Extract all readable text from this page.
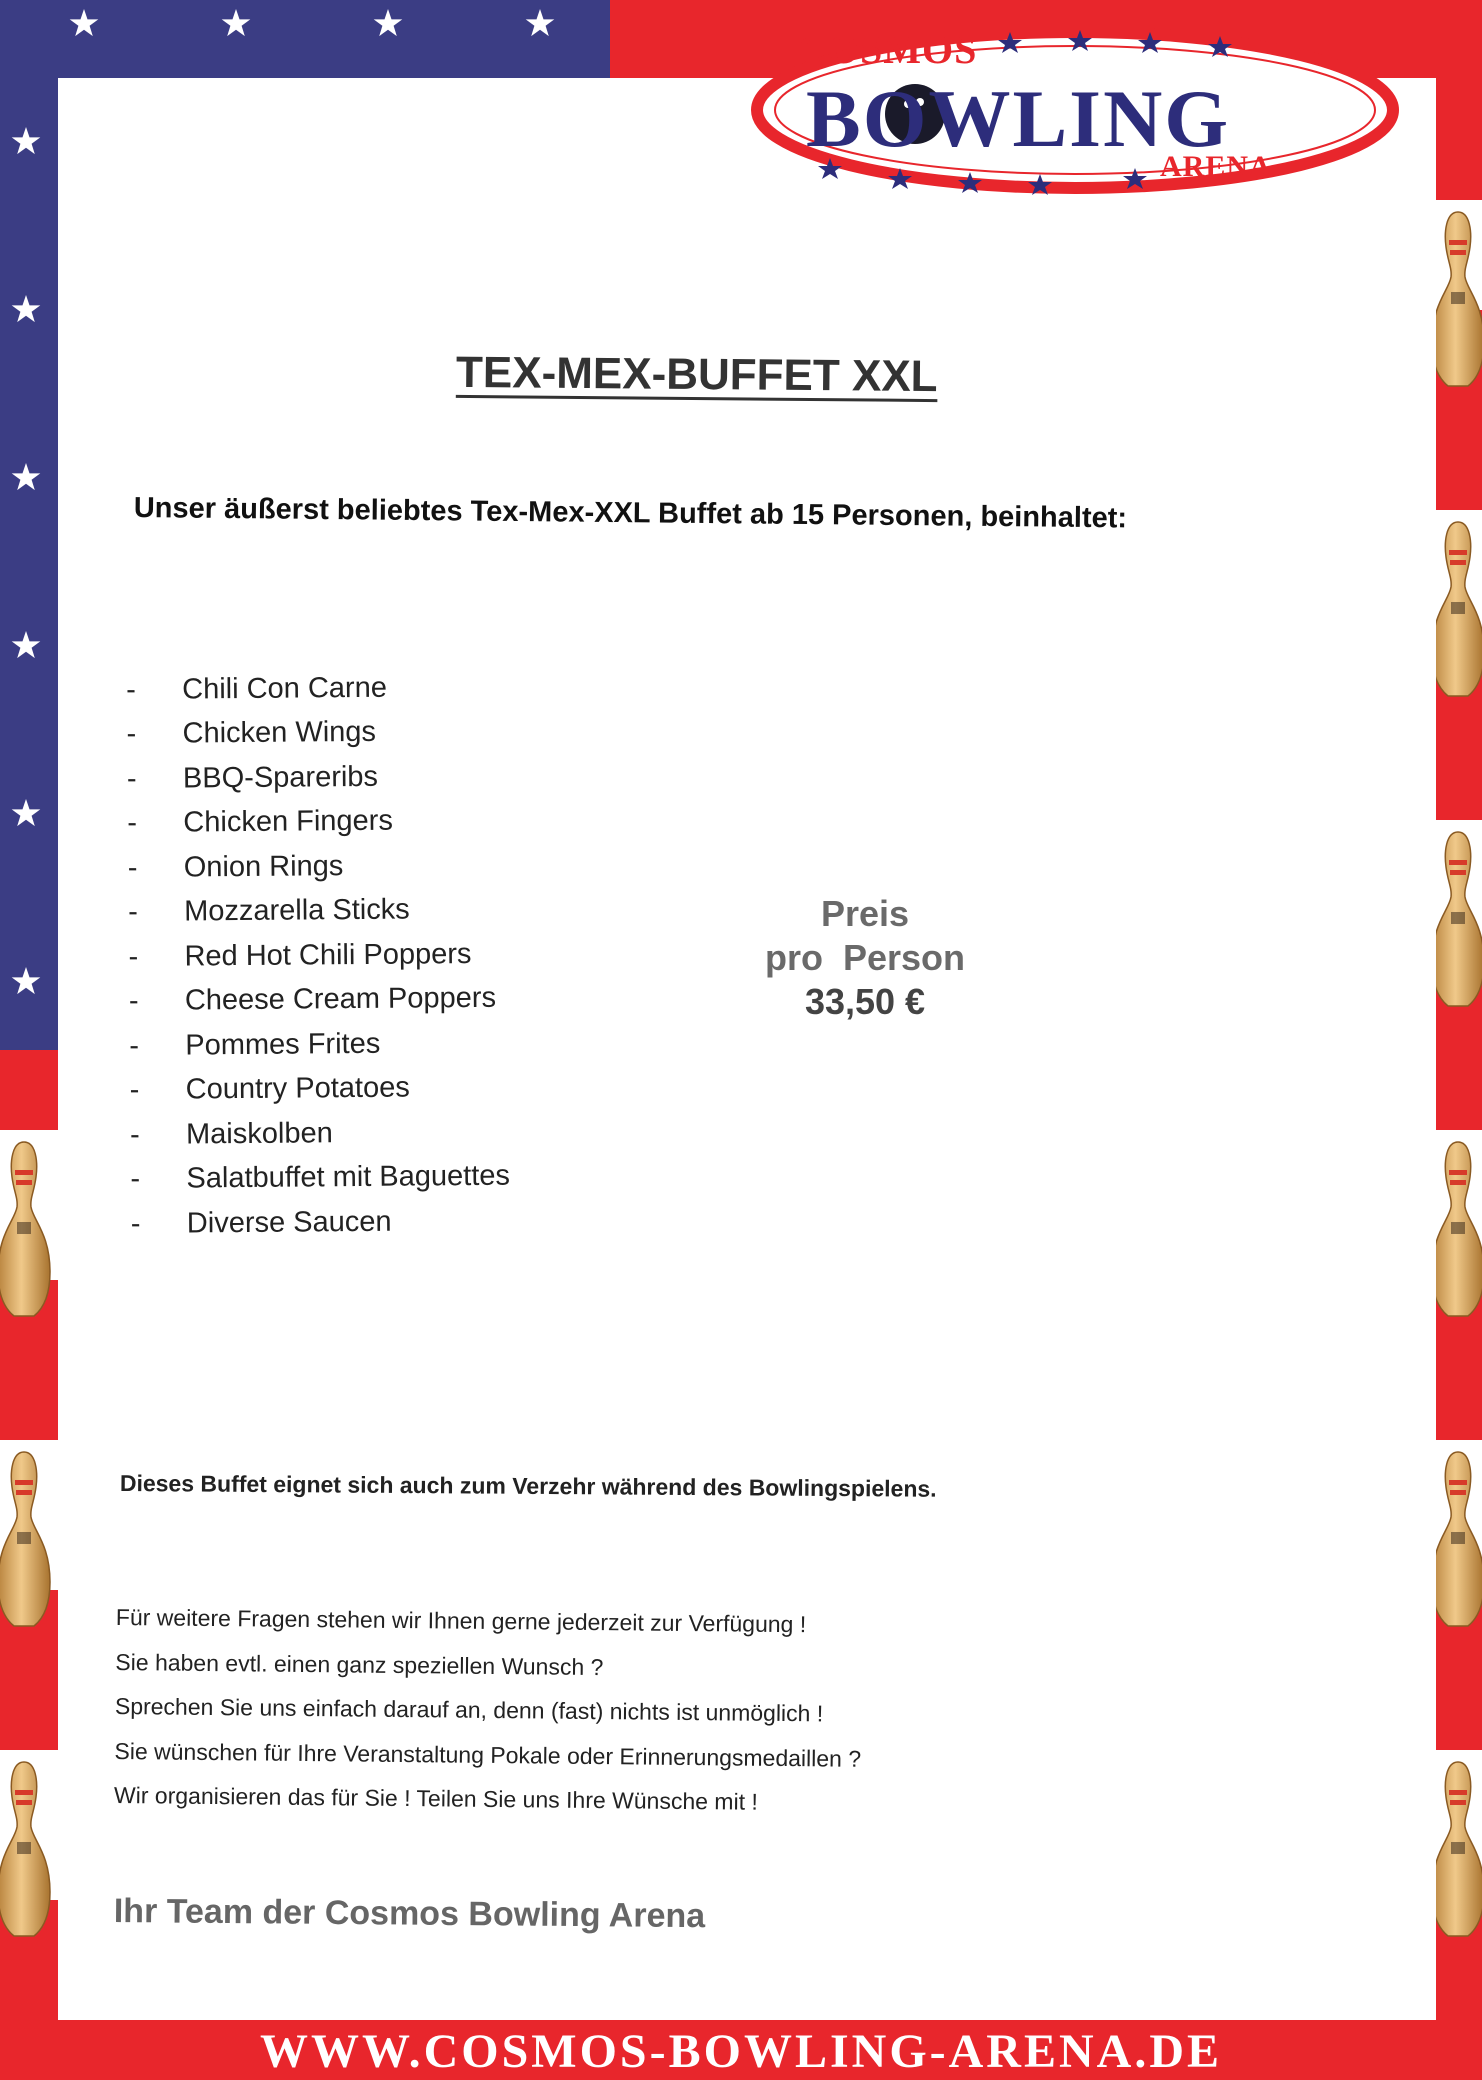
COSMOS
BOWLING
ARENA
TEX-MEX-BUFFET XXL
Unser äußerst beliebtes Tex-Mex-XXL Buffet ab 15 Personen, beinhaltet:
-	Chili Con Carne
-	Chicken Wings
-	BBQ-Spareribs
-	Chicken Fingers
-	Onion Rings
-	Mozzarella Sticks
-	Red Hot Chili Poppers
-	Cheese Cream Poppers
-	Pommes Frites
-	Country Potatoes
-	Maiskolben
-	Salatbuffet mit Baguettes
-	Diverse Saucen
Preis
pro  Person
33,50 €
Dieses Buffet eignet sich auch zum Verzehr während des Bowlingspielens.
Für weitere Fragen stehen wir Ihnen gerne jederzeit zur Verfügung !
Sie haben evtl. einen ganz speziellen Wunsch ?
Sprechen Sie uns einfach darauf an, denn (fast) nichts ist unmöglich !
Sie wünschen für Ihre Veranstaltung Pokale oder Erinnerungsmedaillen ?
Wir organisieren das für Sie ! Teilen Sie uns Ihre Wünsche mit !
Ihr Team der Cosmos Bowling Arena
WWW.COSMOS-BOWLING-ARENA.DE
